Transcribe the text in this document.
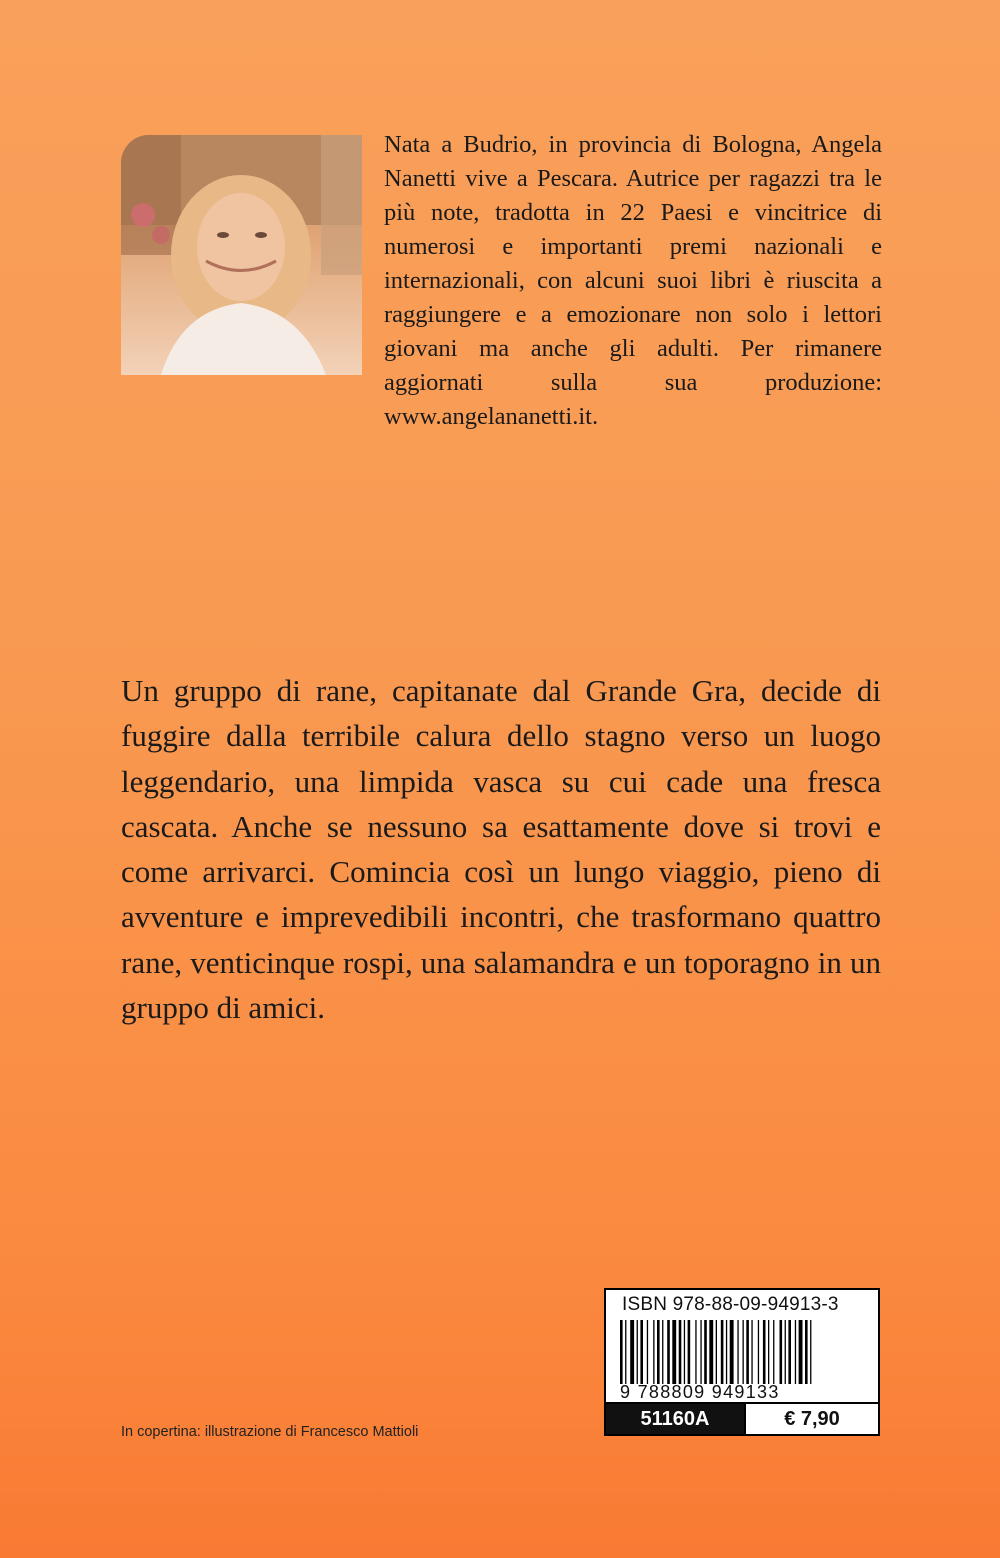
Nata a Budrio, in provincia di Bologna, Angela Nanetti vive a Pescara. Autrice per ragazzi tra le più note, tradotta in 22 Paesi e vincitrice di numerosi e importanti premi nazionali e internazionali, con alcuni suoi libri è riuscita a raggiungere e a emozionare non solo i lettori giovani ma anche gli adulti. Per rimanere aggiornati sulla sua produzione: www.angelananetti.it.

Un gruppo di rane, capitanate dal Grande Gra, decide di fuggire dalla terribile calura dello stagno verso un luogo leggendario, una limpida vasca su cui cade una fresca cascata. Anche se nessuno sa esattamente dove si trovi e come arrivarci. Comincia così un lungo viaggio, pieno di avventure e imprevedibili incontri, che trasformano quattro rane, venticinque rospi, una salamandra e un toporagno in un gruppo di amici.

In copertina: illustrazione di Francesco Mattioli
ISBN 978-88-09-94913-3
9 788809 949133
51160A	€ 7,90
